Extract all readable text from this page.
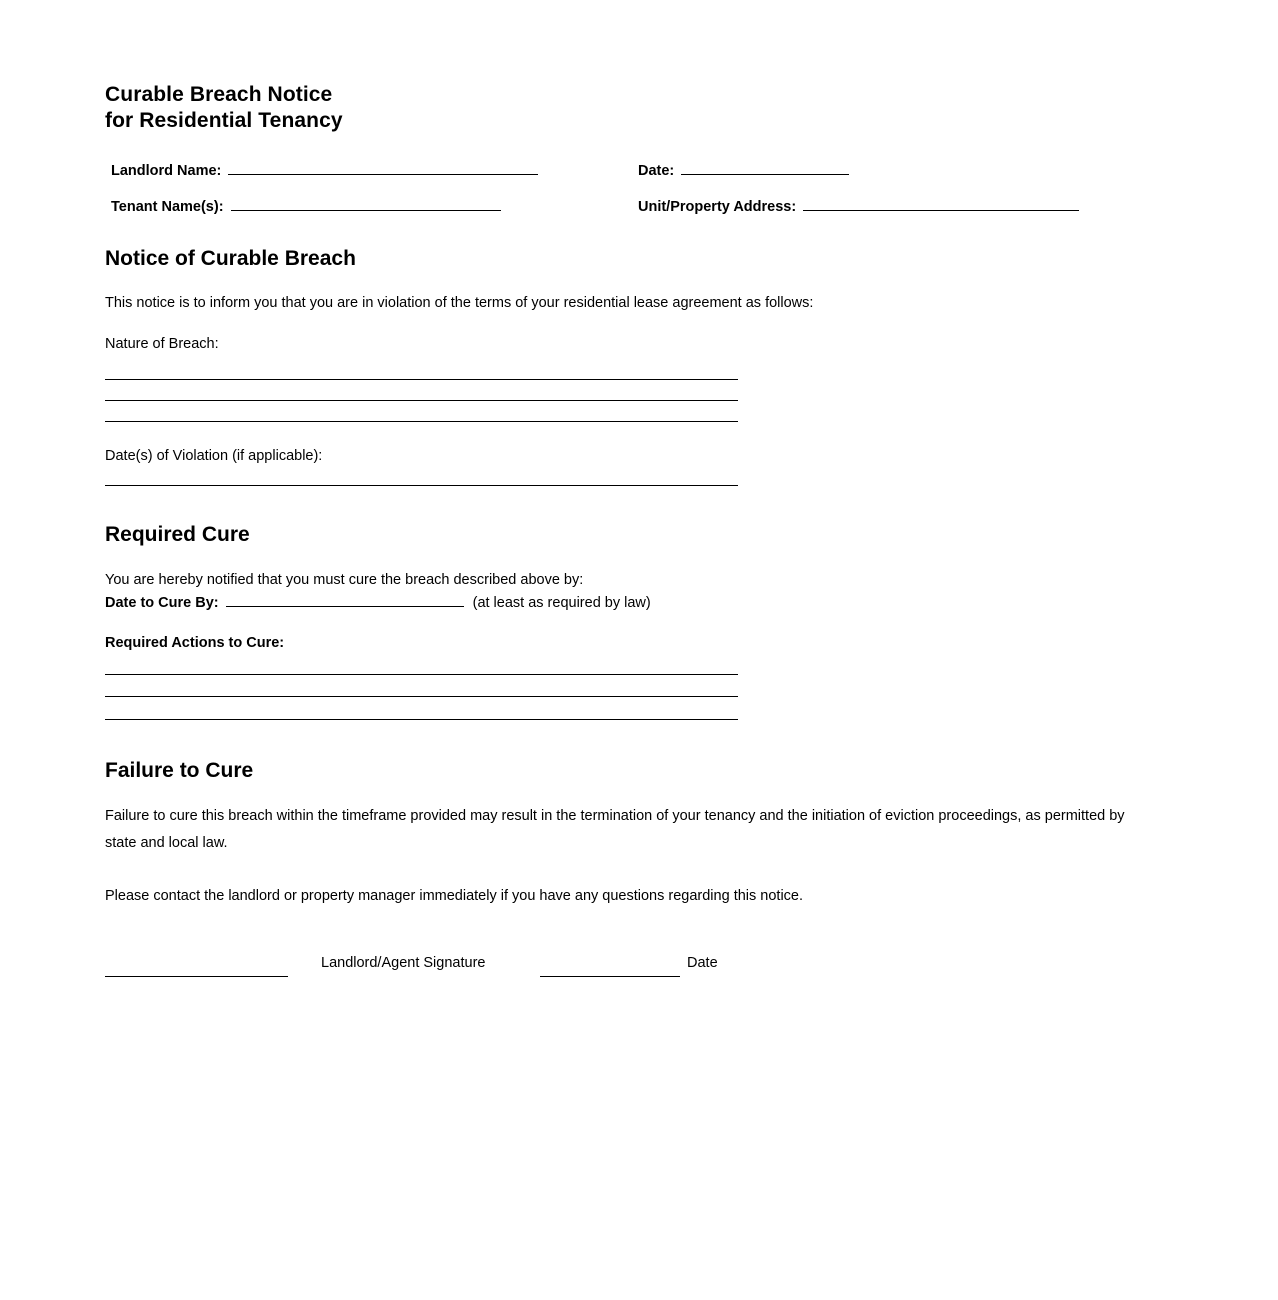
Curable Breach Notice
for Residential Tenancy
Landlord Name:	Date:
Tenant Name(s):	Unit/Property Address:
Notice of Curable Breach
This notice is to inform you that you are in violation of the terms of your residential lease agreement as follows:
Nature of Breach:
Date(s) of Violation (if applicable):
Required Cure
You are hereby notified that you must cure the breach described above by:
Date to Cure By:	(at least as required by law)
Required Actions to Cure:
Failure to Cure
Failure to cure this breach within the timeframe provided may result in the termination of your tenancy and the initiation of eviction proceedings, as permitted by state and local law.
Please contact the landlord or property manager immediately if you have any questions regarding this notice.
Landlord/Agent Signature	Date
